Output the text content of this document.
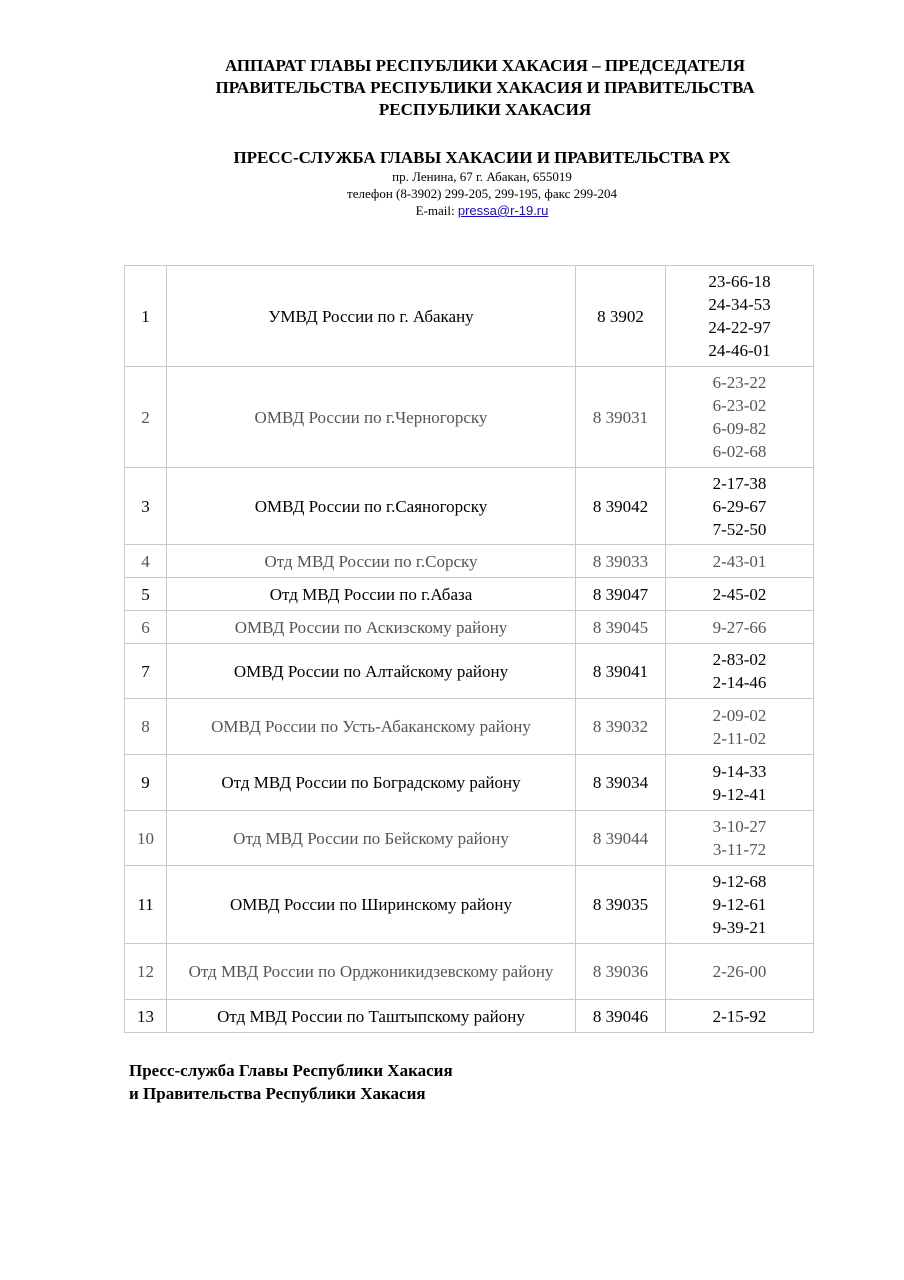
АППАРАТ ГЛАВЫ РЕСПУБЛИКИ ХАКАСИЯ – ПРЕДСЕДАТЕЛЯ
ПРАВИТЕЛЬСТВА РЕСПУБЛИКИ ХАКАСИЯ И ПРАВИТЕЛЬСТВА
РЕСПУБЛИКИ ХАКАСИЯ
ПРЕСС-СЛУЖБА ГЛАВЫ ХАКАСИИ И ПРАВИТЕЛЬСТВА РХ
пр. Ленина, 67 г. Абакан, 655019
телефон (8-3902) 299-205, 299-195, факс 299-204
E-mail: pressa@r-19.ru
1	УМВД России по г. Абакану	8 3902	23-66-18
24-34-53
24-22-97
24-46-01

2	ОМВД России по г.Черногорску	8 39031	6-23-22
6-23-02
6-09-82
6-02-68

3	ОМВД России по г.Саяногорску	8 39042	2-17-38
6-29-67
7-52-50

4	Отд МВД России по г.Сорску	8 39033	2-43-01

5	Отд МВД России по г.Абаза	8 39047	2-45-02

6	ОМВД России по Аскизскому району	8 39045	9-27-66

7	ОМВД России по Алтайскому району	8 39041	2-83-02
2-14-46

8	ОМВД России по Усть-Абаканскому району	8 39032	2-09-02
2-11-02

9	Отд МВД России по Боградскому району	8 39034	9-14-33
9-12-41

10	Отд МВД России по Бейскому району	8 39044	3-10-27
3-11-72

11	ОМВД России по Ширинскому району	8 39035	9-12-68
9-12-61
9-39-21

12	Отд МВД России по Орджоникидзевскому району	8 39036	2-26-00

13	Отд МВД России по Таштыпскому району	8 39046	2-15-92
Пресс-служба Главы Республики Хакасия
и Правительства Республики Хакасия
